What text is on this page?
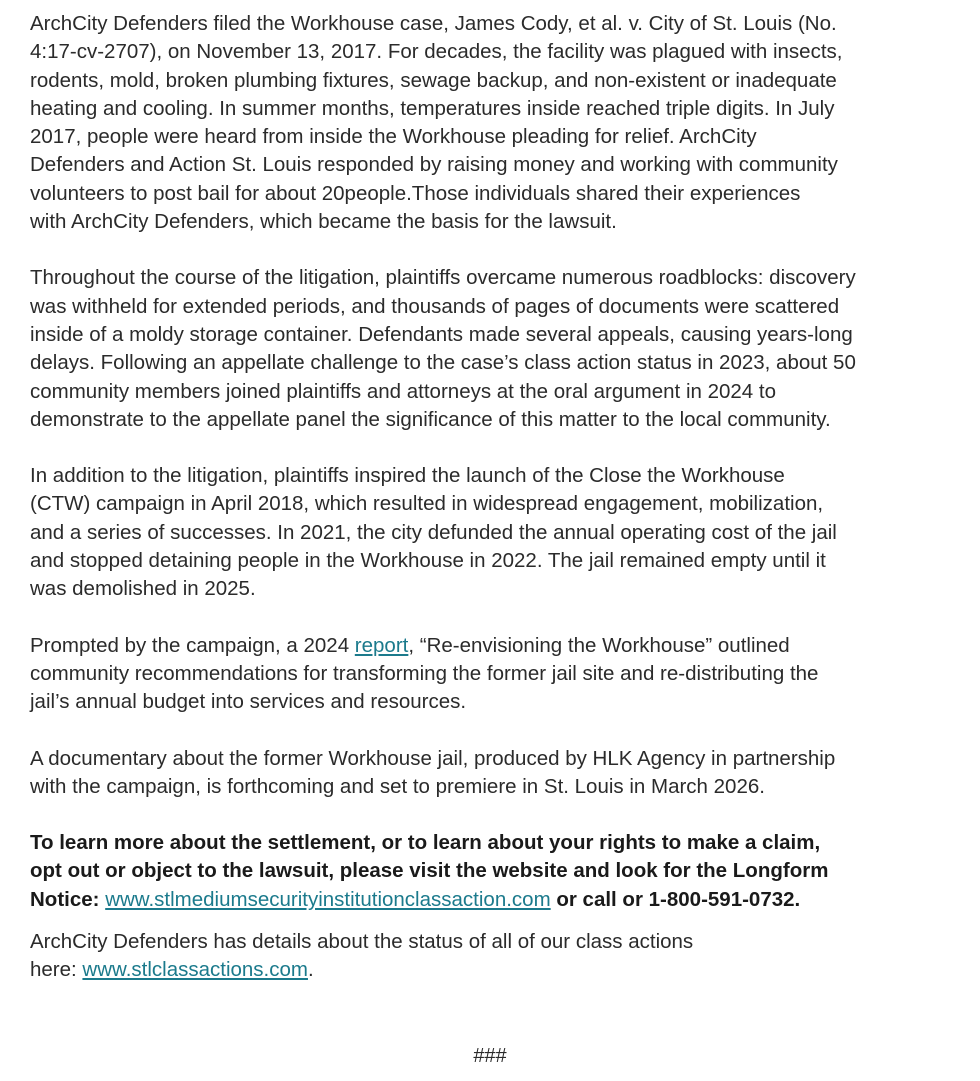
ArchCity Defenders filed the Workhouse case, James Cody, et al. v. City of St. Louis (No.
4:17-cv-2707), on November 13, 2017. For decades, the facility was plagued with insects,
rodents, mold, broken plumbing fixtures, sewage backup, and non-existent or inadequate
heating and cooling. In summer months, temperatures inside reached triple digits. In July
2017, people were heard from inside the Workhouse pleading for relief. ArchCity
Defenders and Action St. Louis responded by raising money and working with community
volunteers to post bail for about 20people.Those individuals shared their experiences
with ArchCity Defenders, which became the basis for the lawsuit.

Throughout the course of the litigation, plaintiffs overcame numerous roadblocks: discovery
was withheld for extended periods, and thousands of pages of documents were scattered
inside of a moldy storage container. Defendants made several appeals, causing years-long
delays. Following an appellate challenge to the case’s class action status in 2023, about 50
community members joined plaintiffs and attorneys at the oral argument in 2024 to
demonstrate to the appellate panel the significance of this matter to the local community.

In addition to the litigation, plaintiffs inspired the launch of the Close the Workhouse
(CTW) campaign in April 2018, which resulted in widespread engagement, mobilization,
and a series of successes. In 2021, the city defunded the annual operating cost of the jail
and stopped detaining people in the Workhouse in 2022. The jail remained empty until it
was demolished in 2025.

Prompted by the campaign, a 2024 report, “Re-envisioning the Workhouse” outlined
community recommendations for transforming the former jail site and re-distributing the
jail’s annual budget into services and resources.

A documentary about the former Workhouse jail, produced by HLK Agency in partnership
with the campaign, is forthcoming and set to premiere in St. Louis in March 2026.

To learn more about the settlement, or to learn about your rights to make a claim,
opt out or object to the lawsuit, please visit the website and look for the Longform
Notice: www.stlmediumsecurityinstitutionclassaction.com or call or 1-800-591-0732.

ArchCity Defenders has details about the status of all of our class actions
here: www.stlclassactions.com.

###
